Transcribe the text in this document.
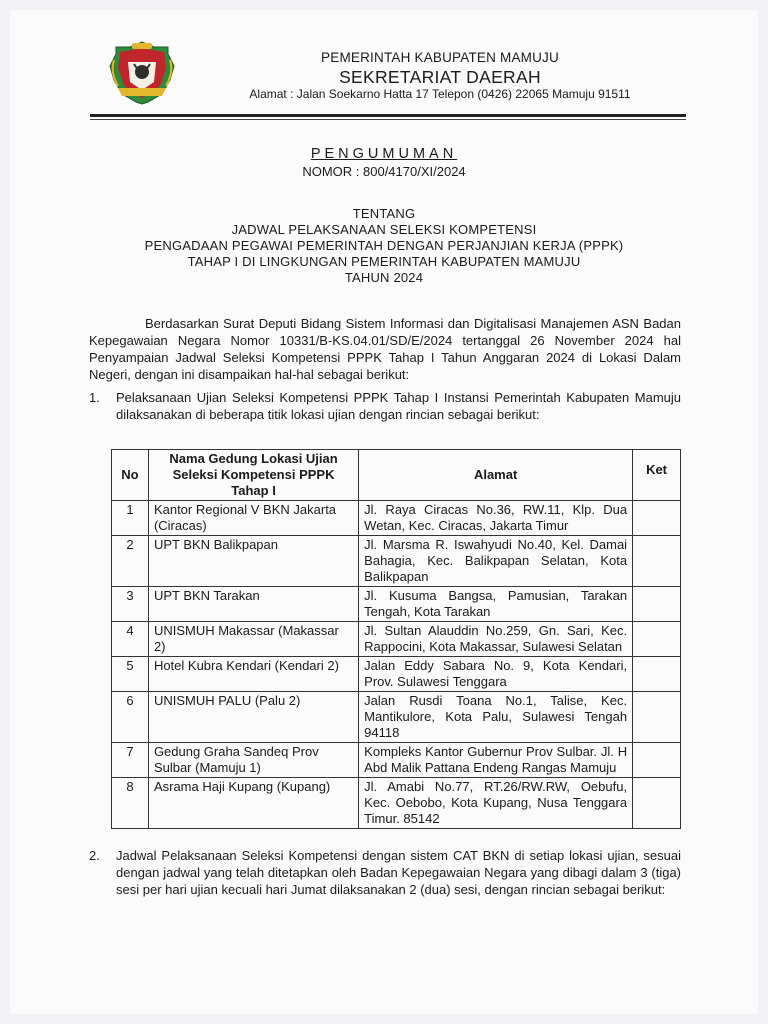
PEMERINTAH KABUPATEN MAMUJU
SEKRETARIAT DAERAH
Alamat : Jalan Soekarno Hatta 17 Telepon (0426) 22065 Mamuju 91511
PENGUMUMAN
NOMOR : 800/4170/XI/2024
TENTANG
JADWAL PELAKSANAAN SELEKSI KOMPETENSI
PENGADAAN PEGAWAI PEMERINTAH DENGAN PERJANJIAN KERJA (PPPK)
TAHAP I DI LINGKUNGAN PEMERINTAH KABUPATEN MAMUJU
TAHUN 2024
Berdasarkan Surat Deputi Bidang Sistem Informasi dan Digitalisasi Manajemen ASN Badan Kepegawaian Negara Nomor 10331/B-KS.04.01/SD/E/2024 tertanggal 26 November 2024 hal Penyampaian Jadwal Seleksi Kompetensi PPPK Tahap I Tahun Anggaran 2024 di Lokasi Dalam Negeri, dengan ini disampaikan hal-hal sebagai berikut:
1. Pelaksanaan Ujian Seleksi Kompetensi PPPK Tahap I Instansi Pemerintah Kabupaten Mamuju dilaksanakan di beberapa titik lokasi ujian dengan rincian sebagai berikut:
No	Nama Gedung Lokasi Ujian Seleksi Kompetensi PPPK Tahap I	Alamat	Ket
1	Kantor Regional V BKN Jakarta (Ciracas)	Jl. Raya Ciracas No.36, RW.11, Klp. Dua Wetan, Kec. Ciracas, Jakarta Timur	
2	UPT BKN Balikpapan	Jl. Marsma R. Iswahyudi No.40, Kel. Damai Bahagia, Kec. Balikpapan Selatan, Kota Balikpapan	
3	UPT BKN Tarakan	Jl. Kusuma Bangsa, Pamusian, Tarakan Tengah, Kota Tarakan	
4	UNISMUH Makassar (Makassar 2)	Jl. Sultan Alauddin No.259, Gn. Sari, Kec. Rappocini, Kota Makassar, Sulawesi Selatan	
5	Hotel Kubra Kendari (Kendari 2)	Jalan Eddy Sabara No. 9, Kota Kendari, Prov. Sulawesi Tenggara	
6	UNISMUH PALU (Palu 2)	Jalan Rusdi Toana No.1, Talise, Kec. Mantikulore, Kota Palu, Sulawesi Tengah 94118	
7	Gedung Graha Sandeq Prov Sulbar (Mamuju 1)	Kompleks Kantor Gubernur Prov Sulbar. Jl. H Abd Malik Pattana Endeng Rangas Mamuju	
8	Asrama Haji Kupang (Kupang)	Jl. Amabi No.77, RT.26/RW.RW, Oebufu, Kec. Oebobo, Kota Kupang, Nusa Tenggara Timur. 85142	
2. Jadwal Pelaksanaan Seleksi Kompetensi dengan sistem CAT BKN di setiap lokasi ujian, sesuai dengan jadwal yang telah ditetapkan oleh Badan Kepegawaian Negara yang dibagi dalam 3 (tiga) sesi per hari ujian kecuali hari Jumat dilaksanakan 2 (dua) sesi, dengan rincian sebagai berikut:
